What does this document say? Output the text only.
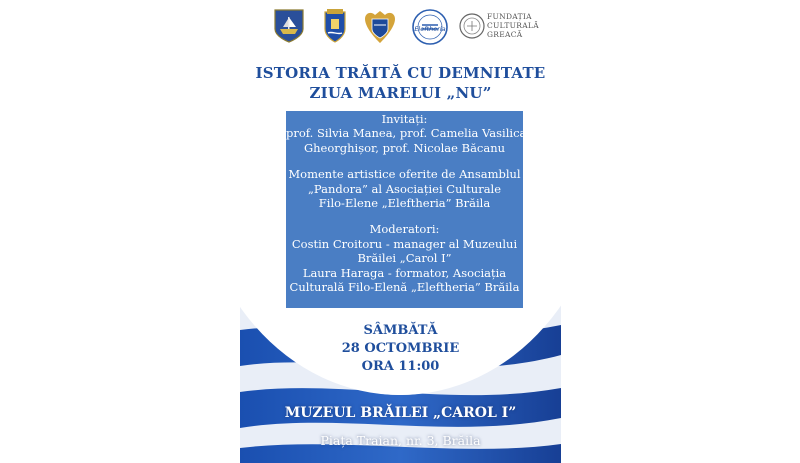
Eleftheria
FUNDAȚIA
CULTURALĂ
GREACĂ
ISTORIA TRĂITĂ CU DEMNITATE
ZIUA MARELUI „NU”
Invitați:
prof. Silvia Manea, prof. Camelia Vasilica
Gheorghișor, prof. Nicolae Băcanu
Momente artistice oferite de Ansamblul
„Pandora” al Asociației Culturale
Filo-Elene „Eleftheria” Brăila
Moderatori:
Costin Croitoru - manager al Muzeului
Brăilei „Carol I”
Laura Haraga - formator, Asociația
Culturală Filo-Elenă „Eleftheria” Brăila
SÂMBĂTĂ
28 OCTOMBRIE
ORA 11:00
MUZEUL BRĂILEI „CAROL I”
Piața Traian, nr. 3, Brăila
